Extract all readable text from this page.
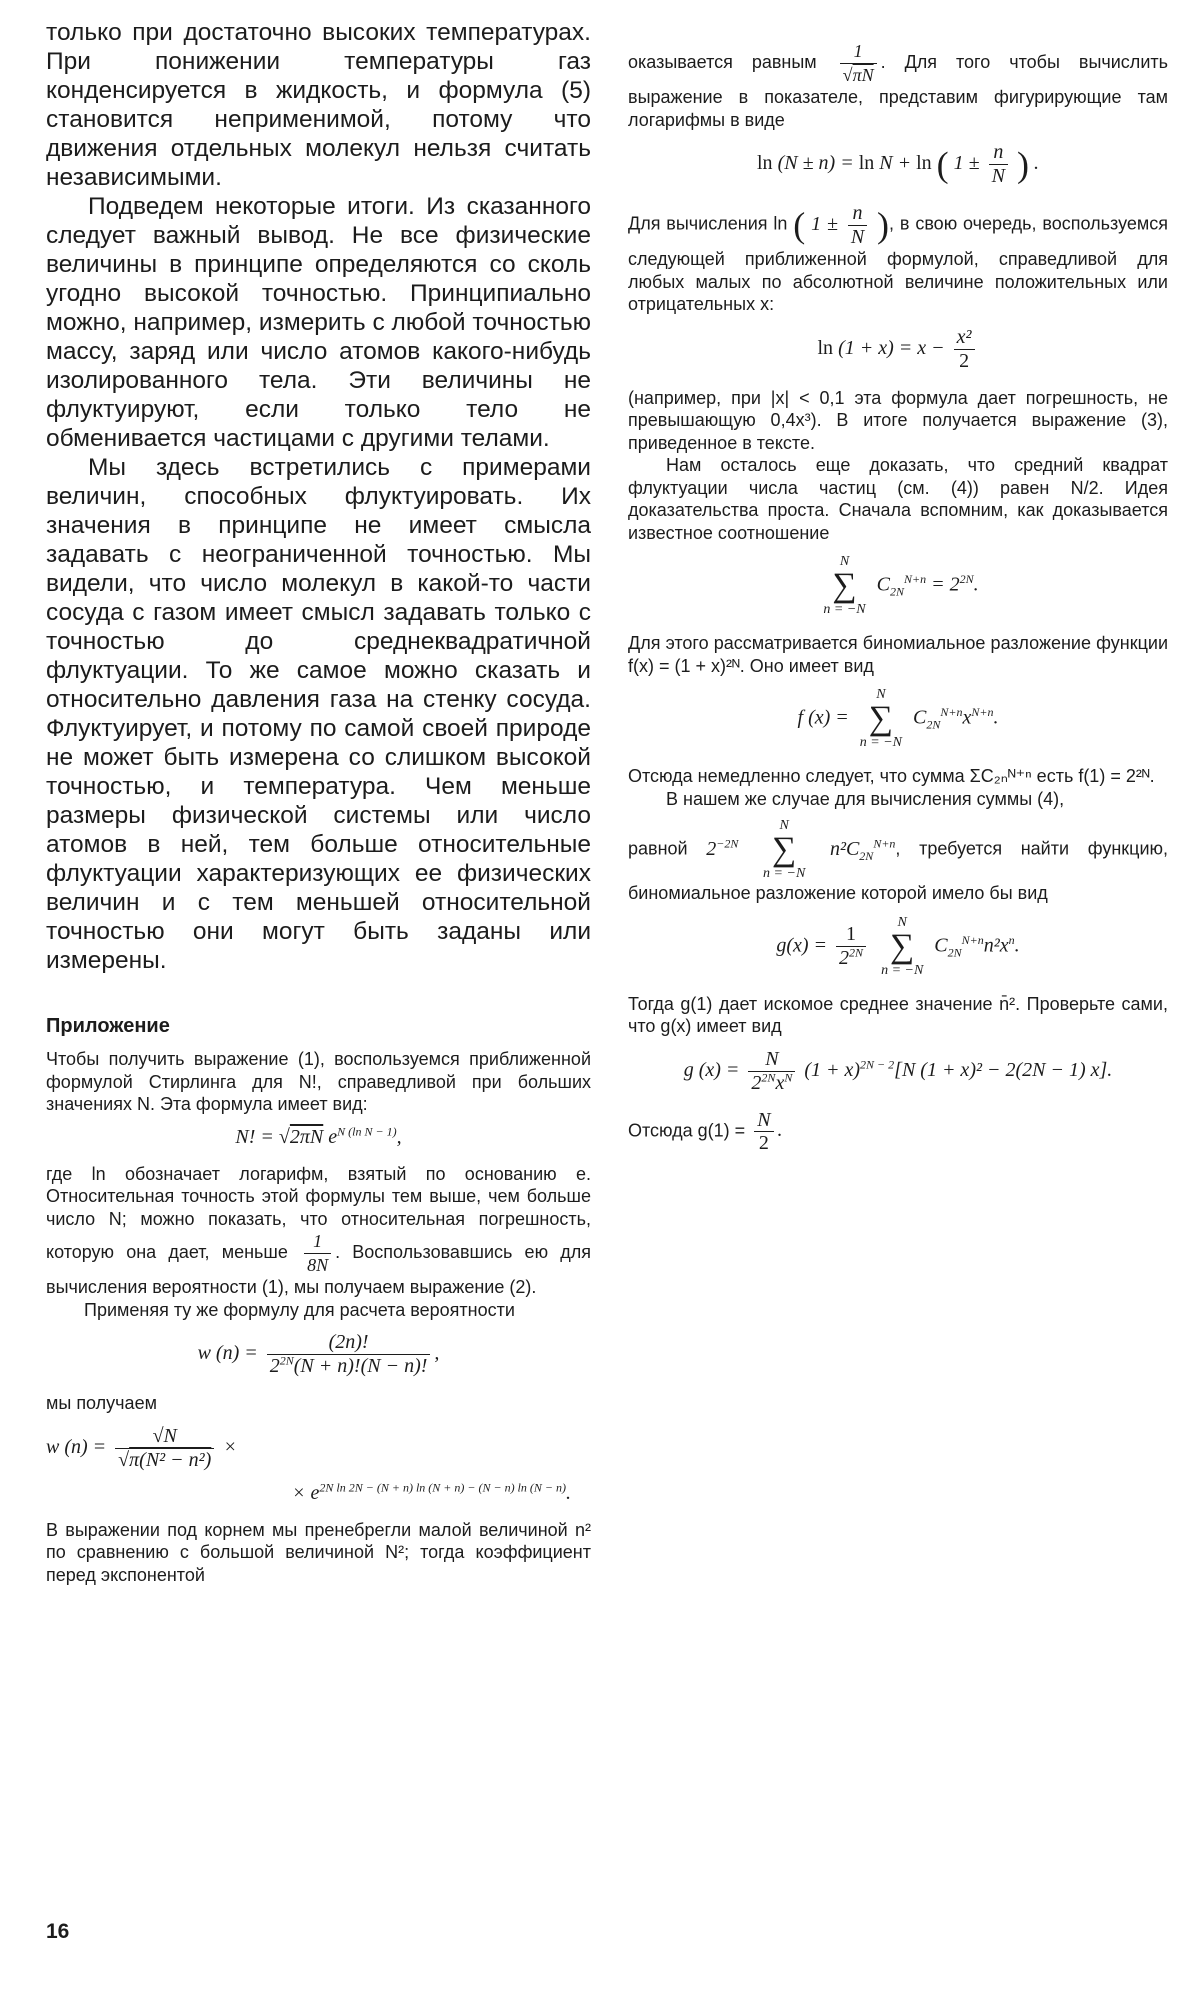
только при достаточно высоких температурах. При понижении температуры газ конденсируется в жидкость, и формула (5) становится неприменимой, потому что движения отдельных молекул нельзя считать независимыми.

Подведем некоторые итоги. Из сказанного следует важный вывод. Не все физические величины в принципе определяются со сколь угодно высокой точностью. Принципиально можно, например, измерить с любой точностью массу, заряд или число атомов какого-нибудь изолированного тела. Эти величины не флуктуируют, если только тело не обменивается частицами с другими телами.

Мы здесь встретились с примерами величин, способных флуктуировать. Их значения в принципе не имеет смысла задавать с неограниченной точностью. Мы видели, что число молекул в какой-то части сосуда с газом имеет смысл задавать только с точностью до среднеквадратичной флуктуации. То же самое можно сказать и относительно давления газа на стенку сосуда. Флуктуирует, и потому по самой своей природе не может быть измерена со слишком высокой точностью, и температура. Чем меньше размеры физической системы или число атомов в ней, тем больше относительные флуктуации характеризующих ее физических величин и с тем меньшей относительной точностью они могут быть заданы или измерены.

Приложение

Чтобы получить выражение (1), воспользуемся приближенной формулой Стирлинга для N!, справедливой при больших значениях N. Эта формула имеет вид:

N! = √2πN $e^{N (ln N - 1)}$,

где ln обозначает логарифм, взятый по основанию e. Относительная точность этой формулы тем выше, чем больше число N; можно показать, что относительная погрешность, которую она дает, меньше $\frac{1}{8N}$ . Воспользовавшись ею для вычисления вероятности (1), мы получаем выражение (2).

Применяя ту же формулу для расчета вероятности

w $(n) = \frac{(2n)!}{2^{2N}(N + n)!(N - n)!}$ ,

мы получаем

w $(n) = \frac{√N}{\text{√π(N² − n²)}}$ ×
× $e^{2N ln 2N - (N + n) ln (N + n) - (N - n) ln (N - n)}$.

В выражении под корнем мы пренебрегли малой величиной n² по сравнению с большой величиной N²; тогда коэффициент перед экспонентой

оказывается равным $\frac{1}{√\pi N}$ . Для того чтобы вычислить выражение в показателе, представим фигурирующие там логарифмы в виде

ln (N ± n) = ln N + ln ( $1 \pm \frac{n}{N}$ ) .

Для вычисления ln ( $1 \pm \frac{n}{N}$ ), в свою очередь, воспользуемся следующей приближенной формулой, справедливой для любых малых по абсолютной величине положительных или отрицательных x:

$\ln (1 + x) = x - \frac{\text{x²}}{2}$

(например, при |x| < 0,1 эта формула дает погрешность, не превышающую 0,4x³). В итоге получается выражение (3), приведенное в тексте.

Нам осталось еще доказать, что средний квадрат флуктуации числа частиц (см. (4)) равен N/2. Идея доказательства проста. Сначала вспомним, как доказывается известное соотношение

N
∑
n = −N
$C_{2N}^{N+n} = 2^{2N}$.

Для этого рассматривается биномиальное разложение функции f(x) = (1 + x)²ᴺ. Оно имеет вид

f (x) =
N
∑
n = −N
$C_{2N}^{N+n}x^{N+n}$.

Отсюда немедленно следует, что сумма ΣC₂ₙᴺ⁺ⁿ есть f(1) = 2²ᴺ.

В нашем же случае для вычисления суммы (4),

равной $2^{-2N}$
N
∑
n = −N
$n^2C_{2N}^{N+n}$, требуется найти функцию, биномиальное разложение которой имело бы вид

$g(x) = \frac{1}{2^{2N}}$

N
∑
n = −N
$C_{2N}^{N+n}n^2x^n$.

Тогда g(1) дает искомое среднее значение n̄². Проверьте сами, что g(x) имеет вид

g $(x) = \frac{N}{2^{2N}x^N} (1 + x)^{2N - 2}[N$ (1 + x)² − 2(2N − 1) x].

Отсюда $g(1) = \frac{N}{2}$ .

16
